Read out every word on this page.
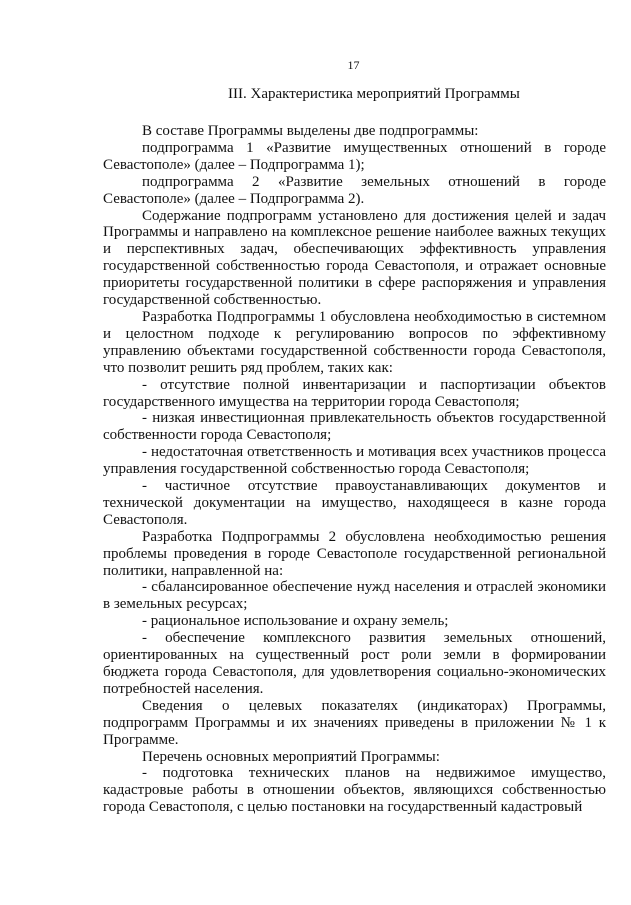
17
III. Характеристика мероприятий Программы

В составе Программы выделены две подпрограммы:

подпрограмма 1 «Развитие имущественных отношений в городе Севастополе» (далее – Подпрограмма 1);

подпрограмма 2 «Развитие земельных отношений в городе Севастополе» (далее – Подпрограмма 2).

Содержание подпрограмм установлено для достижения целей и задач Программы и направлено на комплексное решение наиболее важных текущих и перспективных задач, обеспечивающих эффективность управления государственной собственностью города Севастополя, и отражает основные приоритеты государственной политики в сфере распоряжения и управления государственной собственностью.

Разработка Подпрограммы 1 обусловлена необходимостью в системном и целостном подходе к регулированию вопросов по эффективному управлению объектами государственной собственности города Севастополя, что позволит решить ряд проблем, таких как:

- отсутствие полной инвентаризации и паспортизации объектов государственного имущества на территории города Севастополя;

- низкая инвестиционная привлекательность объектов государственной собственности города Севастополя;

- недостаточная ответственность и мотивация всех участников процесса управления государственной собственностью города Севастополя;

- частичное отсутствие правоустанавливающих документов и технической документации на имущество, находящееся в казне города Севастополя.

Разработка Подпрограммы 2 обусловлена необходимостью решения проблемы проведения в городе Севастополе государственной региональной политики, направленной на:

- сбалансированное обеспечение нужд населения и отраслей экономики в земельных ресурсах;

- рациональное использование и охрану земель;

- обеспечение комплексного развития земельных отношений, ориентированных на существенный рост роли земли в формировании бюджета города Севастополя, для удовлетворения социально-экономических потребностей населения.

Сведения о целевых показателях (индикаторах) Программы, подпрограмм Программы и их значениях приведены в приложении № 1 к Программе.

Перечень основных мероприятий Программы:

- подготовка технических планов на недвижимое имущество, кадастровые работы в отношении объектов, являющихся собственностью города Севастополя, с целью постановки на государственный кадастровый
